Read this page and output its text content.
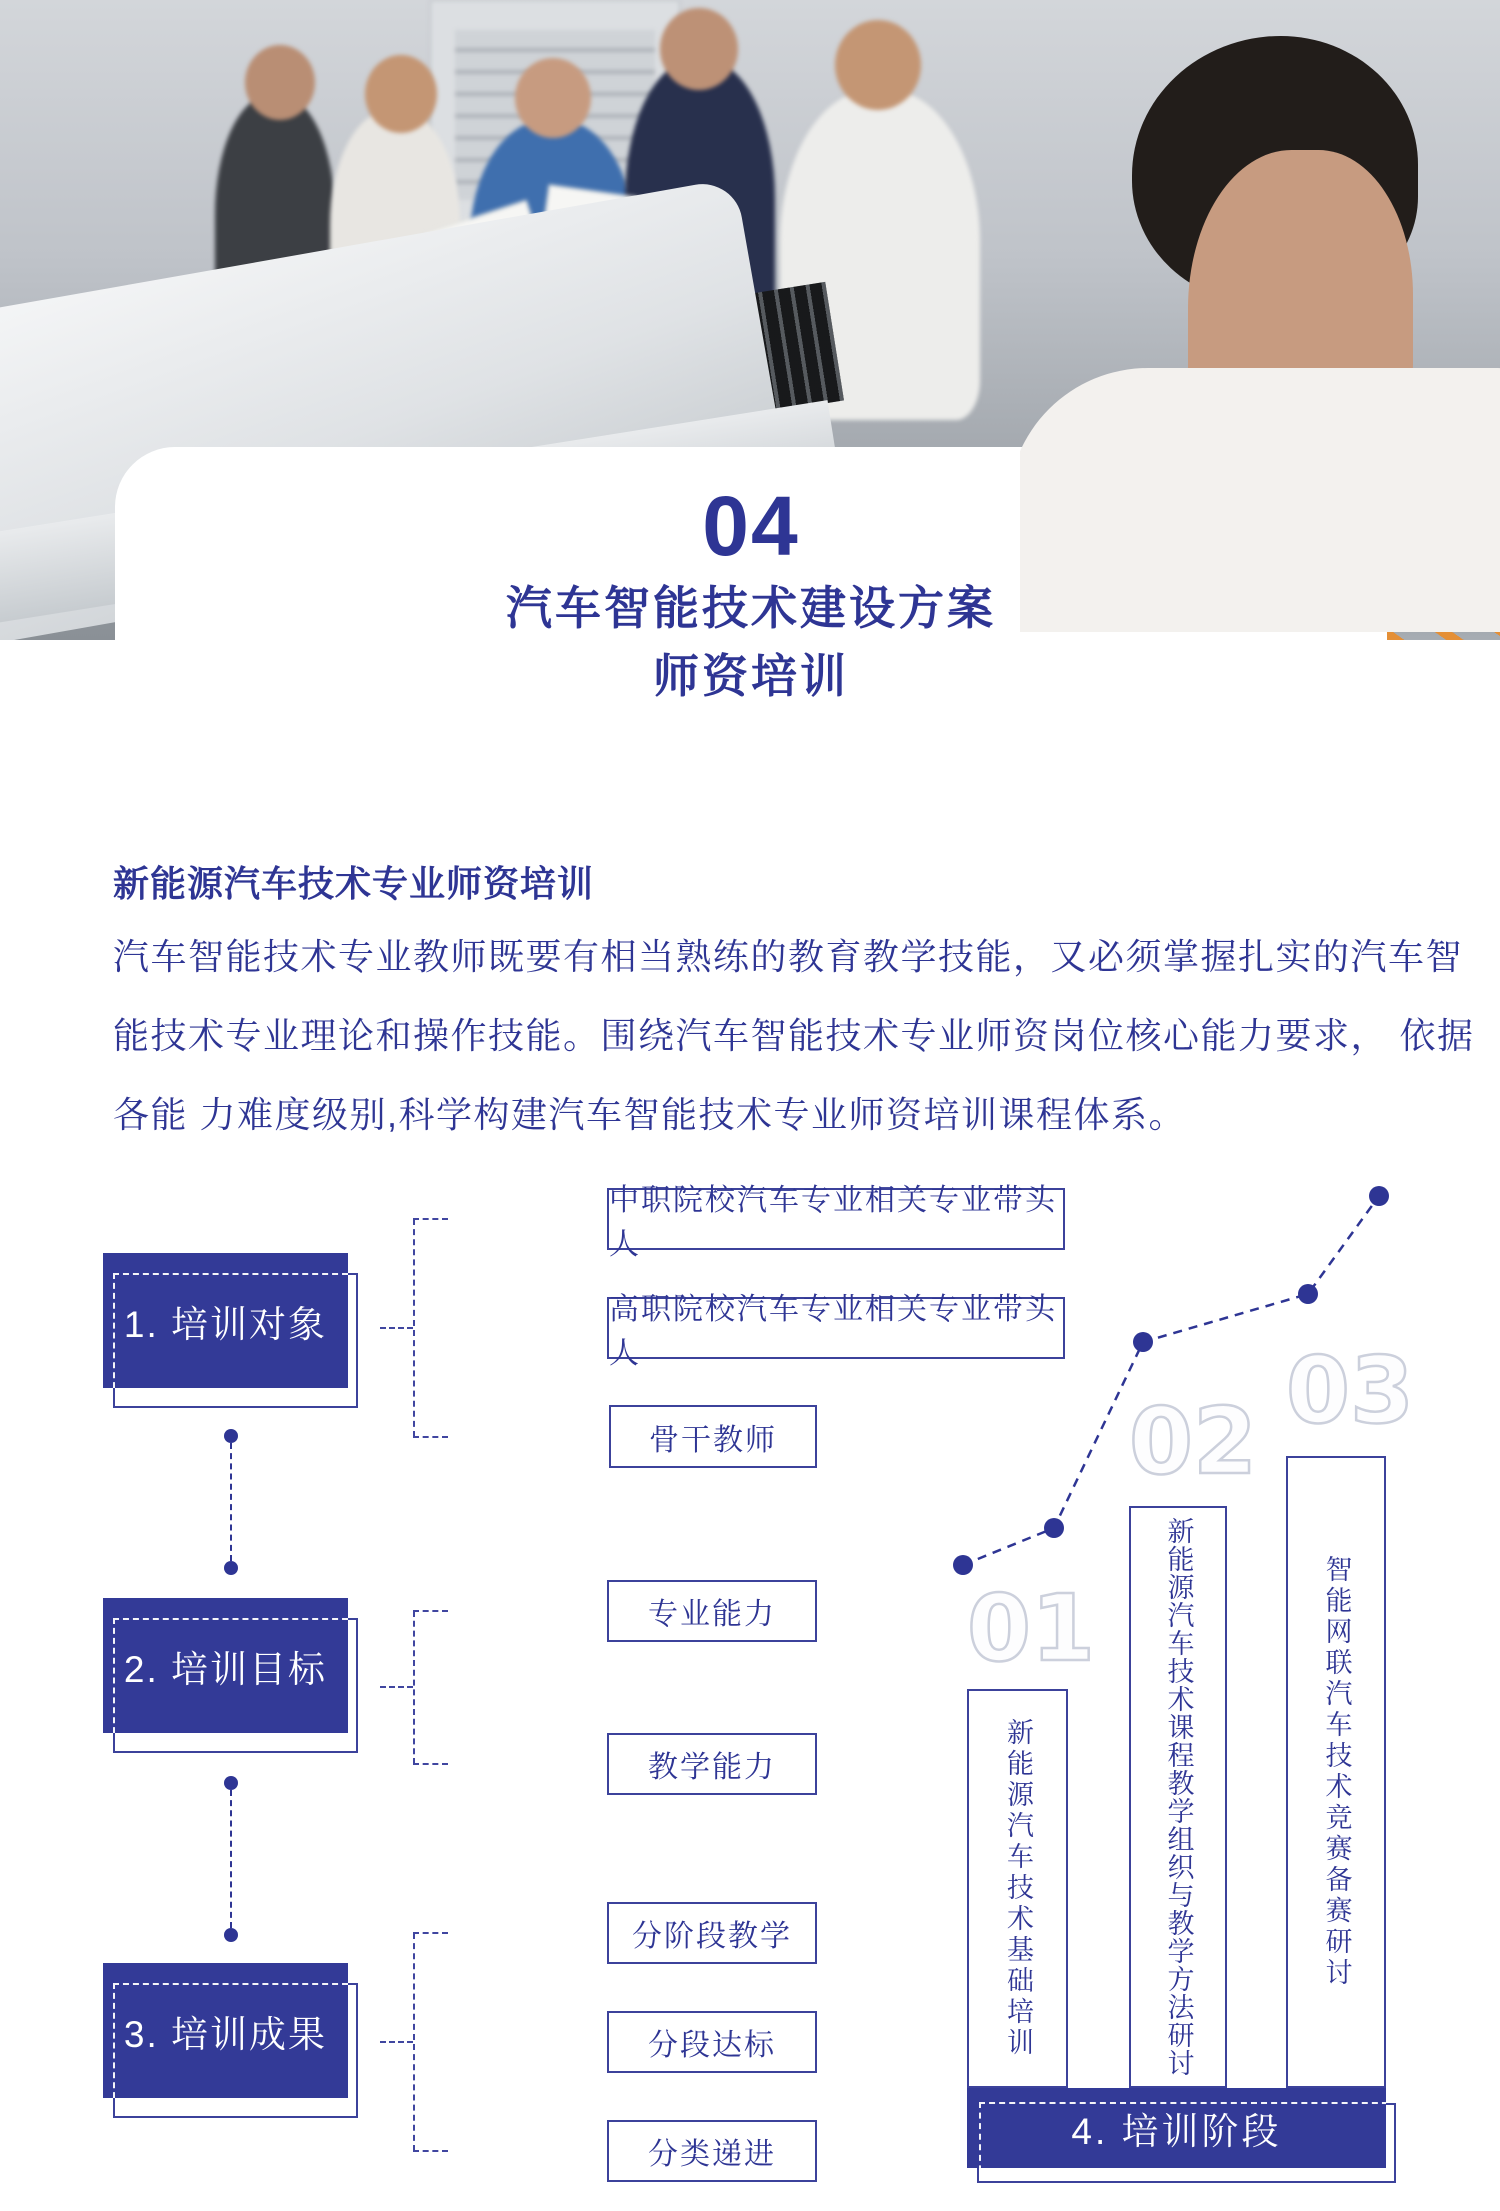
04
汽车智能技术建设方案
师资培训
新能源汽车技术专业师资培训
汽车智能技术专业教师既要有相当熟练的教育教学技能，又必须掌握扎实的汽车智
能技术专业理论和操作技能。围绕汽车智能技术专业师资岗位核心能力要求， 依据
各能 力难度级别,科学构建汽车智能技术专业师资培训课程体系。
1. 培训对象
中职院校汽车专业相关专业带头人
高职院校汽车专业相关专业带头人
骨干教师
2. 培训目标
专业能力
教学能力
3. 培训成果
分阶段教学
分段达标
分类递进
01
02 03
新能源汽车技术基础培训	新能源汽车技术课程教学组织与教学方法研讨	智能网联汽车技术竞赛备赛研讨
4. 培训阶段
